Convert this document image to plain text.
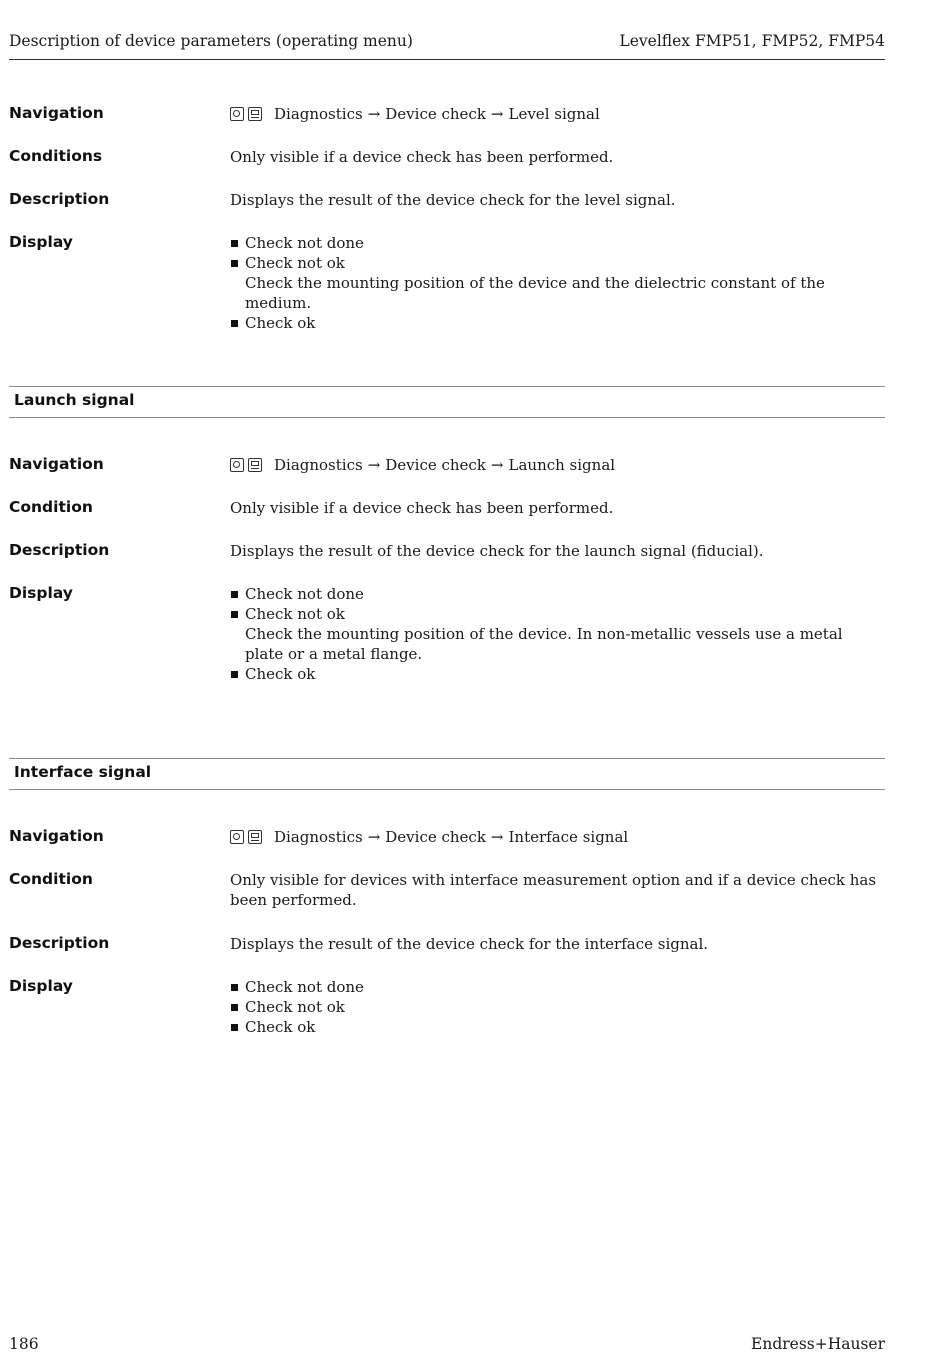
Description of device parameters (operating menu)	Levelflex FMP51, FMP52, FMP54
Navigation	Diagnostics → Device check → Level signal
Conditions	Only visible if a device check has been performed.
Description	Displays the result of the device check for the level signal.
Display	Check not done
Check not ok
Check the mounting position of the device and the dielectric constant of the medium.
Check ok
Launch signal
Navigation	Diagnostics → Device check → Launch signal
Condition	Only visible if a device check has been performed.
Description	Displays the result of the device check for the launch signal (fiducial).
Display	Check not done
Check not ok
Check the mounting position of the device. In non-metallic vessels use a metal plate or a metal flange.
Check ok
Interface signal
Navigation	Diagnostics → Device check → Interface signal
Condition	Only visible for devices with interface measurement option and if a device check has been performed.
Description	Displays the result of the device check for the interface signal.
Display	Check not done
Check not ok
Check ok
186	Endress+Hauser
